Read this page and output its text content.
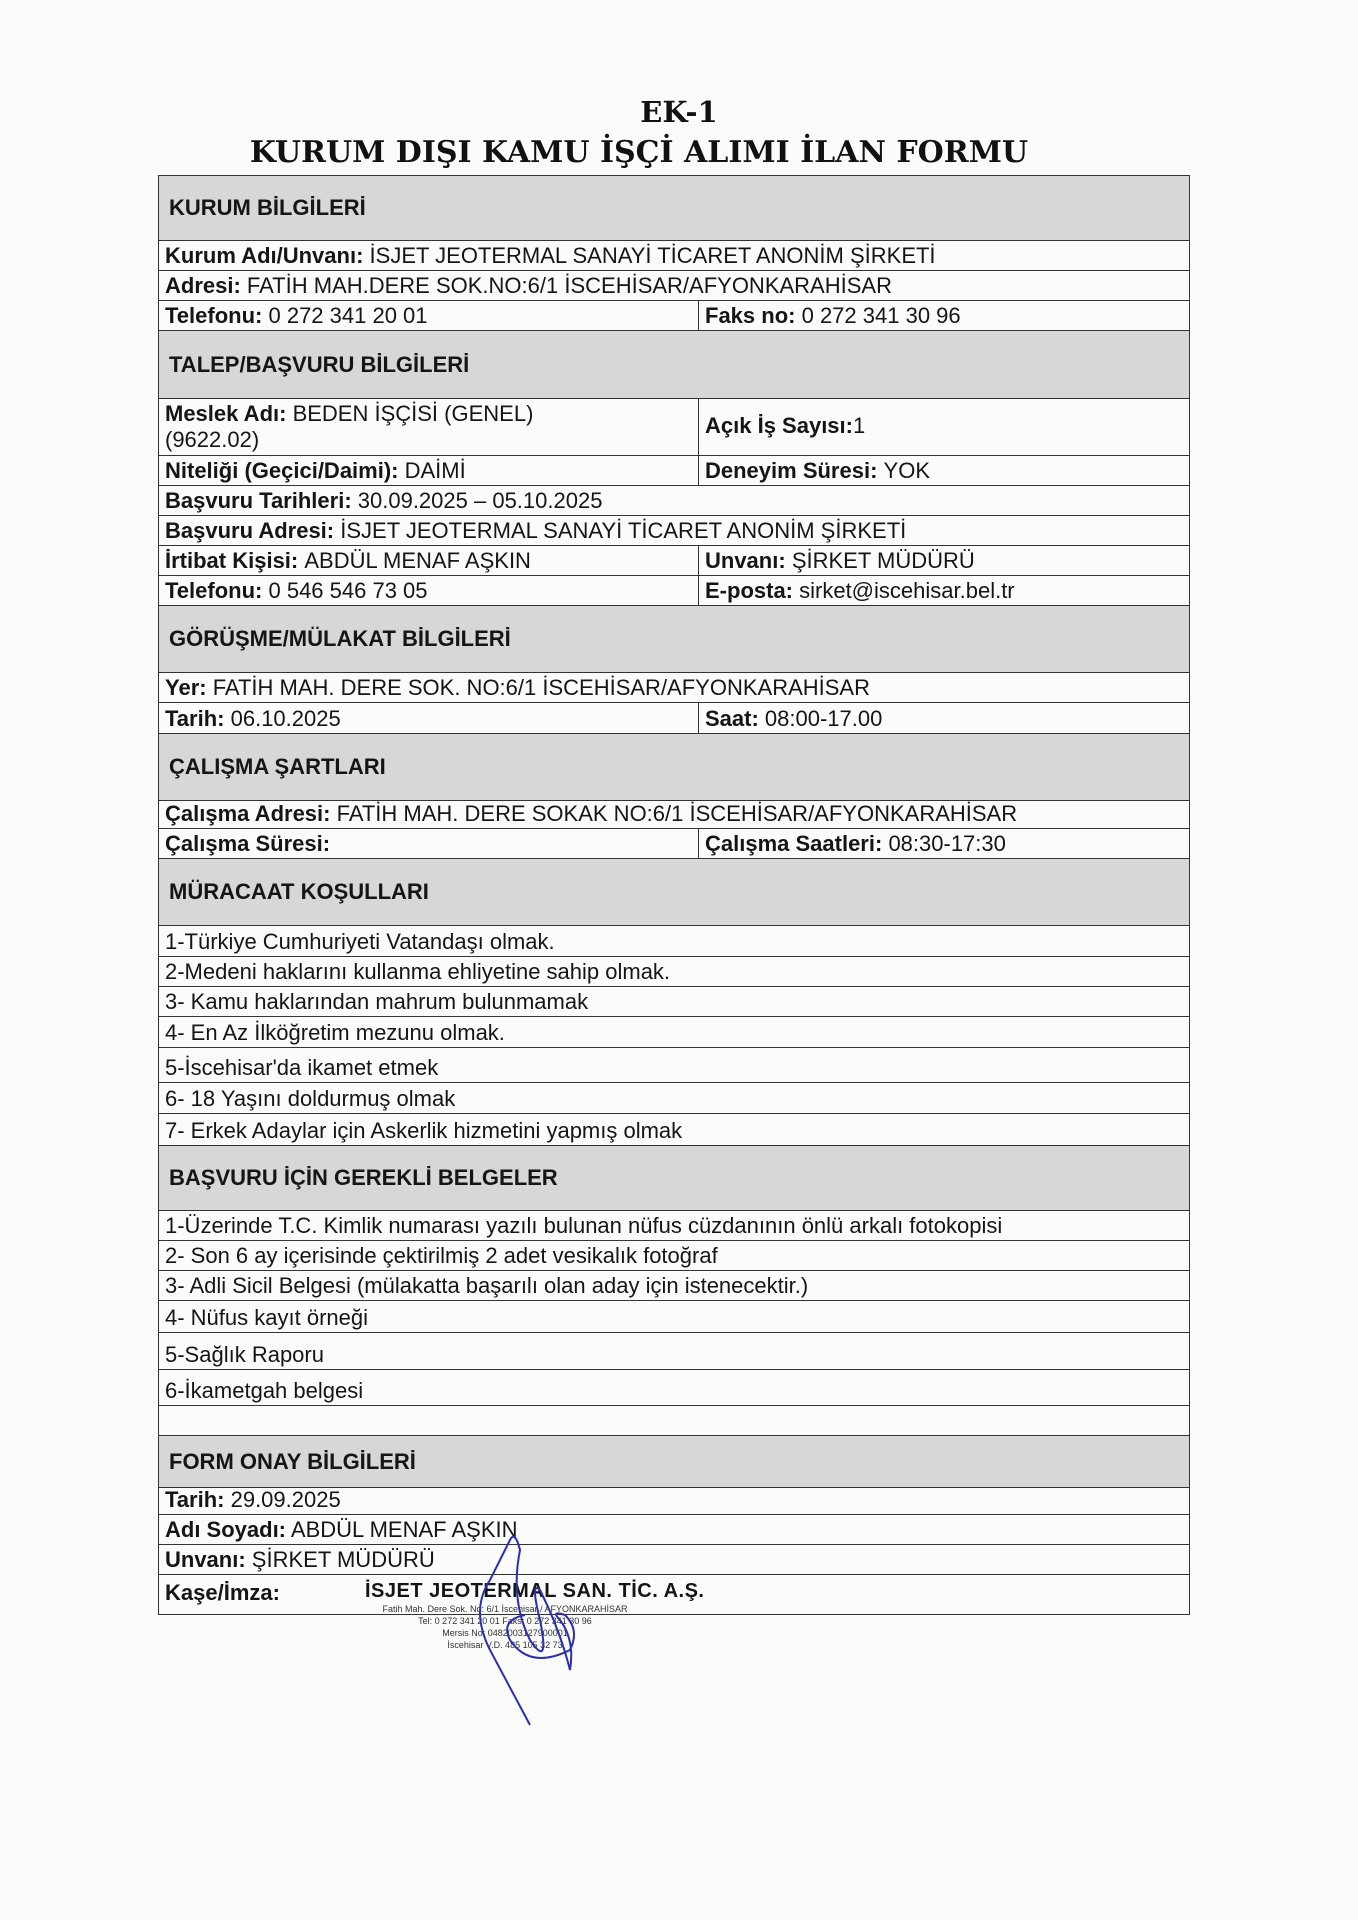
EK-1
KURUM DIŞI KAMU İŞÇİ ALIMI İLAN FORMU
KURUM BİLGİLERİ
Kurum Adı/Unvanı: İSJET JEOTERMAL SANAYİ TİCARET ANONİM ŞİRKETİ
Adresi: FATİH MAH.DERE SOK.NO:6/1 İSCEHİSAR/AFYONKARAHİSAR
Telefonu:
0 272 341 20 01	Faks no:
0 272 341 30 96
TALEP/BAŞVURU BİLGİLERİ
Meslek Adı: BEDEN İŞÇİSİ (GENEL) (9622.02)
Açık İş Sayısı: 1
Niteliği (Geçici/Daimi):
DAİMİ	Deneyim Süresi:
YOK
Başvuru Tarihleri: 30.09.2025 – 05.10.2025
Başvuru Adresi: İSJET JEOTERMAL SANAYİ TİCARET ANONİM ŞİRKETİ
İrtibat Kişisi:
ABDÜL MENAF AŞKIN	Unvanı:
ŞİRKET MÜDÜRÜ
Telefonu:
0 546 546 73 05	E-posta:
sirket@iscehisar.bel.tr
GÖRÜŞME/MÜLAKAT BİLGİLERİ
Yer: FATİH MAH. DERE SOK. NO:6/1 İSCEHİSAR/AFYONKARAHİSAR
Tarih:
06.10.2025	Saat:
08:00-17.00
ÇALIŞMA ŞARTLARI
Çalışma Adresi: FATİH MAH. DERE SOKAK NO:6/1 İSCEHİSAR/AFYONKARAHİSAR
Çalışma Süresi:	Çalışma Saatleri:
08:30-17:30
MÜRACAAT KOŞULLARI
1-Türkiye Cumhuriyeti Vatandaşı olmak.
2-Medeni haklarını kullanma ehliyetine sahip olmak.
3- Kamu haklarından mahrum bulunmamak
4- En Az İlköğretim mezunu olmak.
5-İscehisar'da ikamet etmek
6- 18 Yaşını doldurmuş olmak
7- Erkek Adaylar için Askerlik hizmetini yapmış olmak
BAŞVURU İÇİN GEREKLİ BELGELER
1-Üzerinde T.C. Kimlik numarası yazılı bulunan nüfus cüzdanının önlü arkalı fotokopisi
2- Son 6 ay içerisinde çektirilmiş 2 adet vesikalık fotoğraf
3- Adli Sicil Belgesi (mülakatta başarılı olan aday için istenecektir.)
4- Nüfus kayıt örneği
5-Sağlık Raporu
6-İkametgah belgesi
FORM ONAY BİLGİLERİ
Tarih: 29.09.2025
Adı Soyadı: ABDÜL MENAF AŞKIN
Unvanı: ŞİRKET MÜDÜRÜ
Kaşe/İmza:	İSJET JEOTERMAL SAN. TİC. A.Ş.
Fatih Mah. Dere Sok. No: 6/1 İscehisar / AFYONKARAHİSAR
Tel: 0 272 341 20 01 Faks: 0 272 341 30 96
Mersis No: 0482003127900001
İscehisar V.D. 485 105 32 73
